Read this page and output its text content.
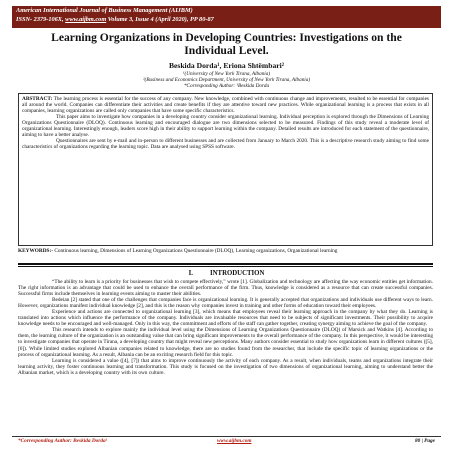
American International Journal of Business Management (AIJBM)
ISSN- 2379-106X, www.aijbm.com Volume 3, Issue 4 (April 2020), PP 80-87
Learning Organizations in Developing Countries: Investigations on the Individual Level.
Beskida Dorda¹, Eriona Shtëmbari²
¹(University of New York Tirana, Albania)
²(Business and Economics Department, University of New York Tirana, Albania)
*Corresponding Author: ¹Beskida Dorda

ABSTRACT: The learning process is essential for the success of any company. New knowledge, combined with continuous change and improvements, resulted to be essential for companies all around the world. Companies can differentiate their activities and create benefits if they are attentive toward new practices. While organizational learning is a process that exists in all companies, learning organizations are called only companies that have some specific characteristics.

This paper aims to investigate how companies in a developing country consider organizational learning. Individual perception is explored through the Dimensions of Learning Organizations Questionnaire (DLOQ). Continuous learning and encouraged dialogue are two dimensions selected to be measured. Findings of this study reveal a moderate level of organizational learning. Interestingly enough, leaders score high in their ability to support learning within the company. Detailed results are introduced for each statement of the questionnaire, aiming to have a better analyse.

Questionnaires are sent by e-mail and in-person to different businesses and are collected from January to March 2020. This is a descriptive research study aiming to find some characteristics of organizations regarding the learning topic. Data are analysed using SPSS software.

KEYWORDS:- Continuous learning, Dimensions of Learning Organizations Questionnaire (DLOQ), Learning organizations, Organizational learning
I.          INTRODUCTION

“The ability to learn is a priority for businesses that wish to compete effectively,” wrote [1]. Globalization and technology are affecting the way economic entities get information. The right information is an advantage that could be used to enhance the overall performance of the firm. Thus, knowledge is considered as a resource that can create successful companies. Successful firms include themselves in learning events aiming to master their abilities.

Bedeian [2] stated that one of the challenges that companies face is organizational learning. It is generally accepted that organizations and individuals use different ways to learn. However, organizations manifest individual knowledge [2], and this is the reason why companies invest in training and other forms of education toward their employees.

Experience and actions are connected to organizational learning [3], which means that employees reveal their learning approach in the company by what they do. Learning is translated into actions which influence the performance of the company. Individuals are invaluable resources that need to be subjects of significant investments. Their possibility to acquire knowledge needs to be encouraged and well-managed. Only in this way, the commitment and efforts of the staff can gather together, creating synergy aiming to achieve the goal of the company.

This research intends to explore mainly the individual level using the Dimensions of Learning Organizations Questionnaire (DLOQ) of Marsick and Watkins [4]. According to them, the learning culture of the organization is an outstanding value that can bring significant improvements to the overall performance of the company. In this perspective, it would be interesting to investigate companies that operate in Tirana, a developing country that might reveal new perceptions. Many authors consider essential to study how organizations learn in different cultures ([5], [6]). While limited studies explored Albanian companies related to knowledge, there are no studies found from the researcher, that include the specific topic of learning organizations or the process of organizational learning. As a result, Albania can be an exciting research field for this topic.

Learning is considered a value ([4], [7]) that aims to improve continuously the activity of each company. As a result, when individuals, teams and organizations integrate their learning activity, they foster continuous learning and transformation. This study is focused on the investigation of two dimensions of organizational learning, aiming to understand better the Albanian market, which is a developing country with its own culture.

*Corresponding Author: Beskida Dorda¹	www.aijbm.com	80 | Page
